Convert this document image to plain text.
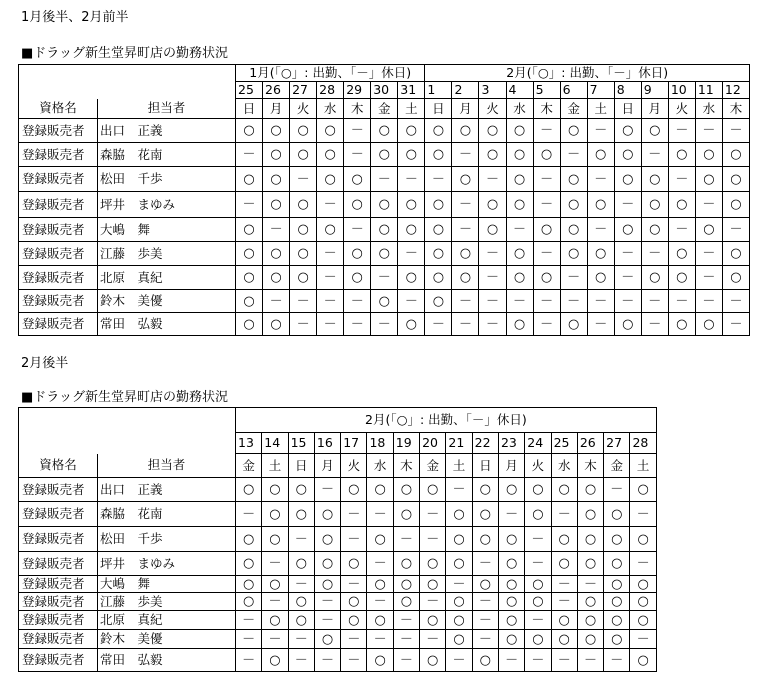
1月後半、2月前半
■ドラッグ新生堂昇町店の勤務状況
		1月(「○」: 出勤、「－」休日)							2月(「○」: 出勤、「－」休日)											
		25	26	27	28	29	30	31	1	2	3	4	5	6	7	8	9	10	11	12
資格名	担当者	日	月	火	水	木	金	土	日	月	火	水	木	金	土	日	月	火	水	木
登録販売者	出口　正義	○	○	○	○	－	○	○	○	○	○	○	－	○	－	○	○	－	－	－
登録販売者	森脇　花南	－	○	○	○	－	○	○	○	－	○	○	○	－	○	○	－	○	○	○
登録販売者	松田　千歩	○	○	－	○	○	－	－	－	○	－	○	－	○	－	○	○	－	○	○
登録販売者	坪井　まゆみ	－	○	○	－	○	○	○	○	－	○	○	－	○	○	－	○	○	－	○
登録販売者	大嶋　舞	○	－	○	○	－	○	○	○	－	○	－	○	○	－	○	○	－	○	－
登録販売者	江藤　歩美	○	○	○	－	○	○	－	○	○	－	○	－	○	○	－	－	○	－	○
登録販売者	北原　真紀	○	○	○	－	○	－	○	○	○	－	○	○	－	○	－	○	○	－	○
登録販売者	鈴木　美優	○	－	－	－	－	○	－	○	－	－	－	－	－	－	－	－	－	－	－
登録販売者	常田　弘毅	○	○	－	－	－	－	○	－	－	－	○	－	○	－	○	－	○	○	－
2月後半
■ドラッグ新生堂昇町店の勤務状況
		2月(「○」: 出勤、「－」休日)															
		13	14	15	16	17	18	19	20	21	22	23	24	25	26	27	28
資格名	担当者	金	土	日	月	火	水	木	金	土	日	月	火	水	木	金	土
登録販売者	出口　正義	○	○	○	－	○	○	○	○	－	○	○	○	○	○	－	○
登録販売者	森脇　花南	－	○	○	○	－	－	○	－	○	○	－	○	－	○	○	－
登録販売者	松田　千歩	○	○	－	○	－	○	－	－	○	○	○	－	○	○	○	○
登録販売者	坪井　まゆみ	○	－	○	○	○	－	○	○	○	－	○	－	○	○	○	－
登録販売者	大嶋　舞	○	○	－	○	－	○	○	○	－	○	○	○	－	－	○	○
登録販売者	江藤　歩美	○	－	○	－	○	－	○	－	○	－	○	○	－	○	○	○
登録販売者	北原　真紀	－	○	○	－	○	○	－	○	○	－	○	－	○	○	○	○
登録販売者	鈴木　美優	－	－	－	○	－	－	－	－	○	－	○	○	○	○	○	－
登録販売者	常田　弘毅	－	○	－	－	－	○	－	○	－	○	－	－	－	－	－	○
